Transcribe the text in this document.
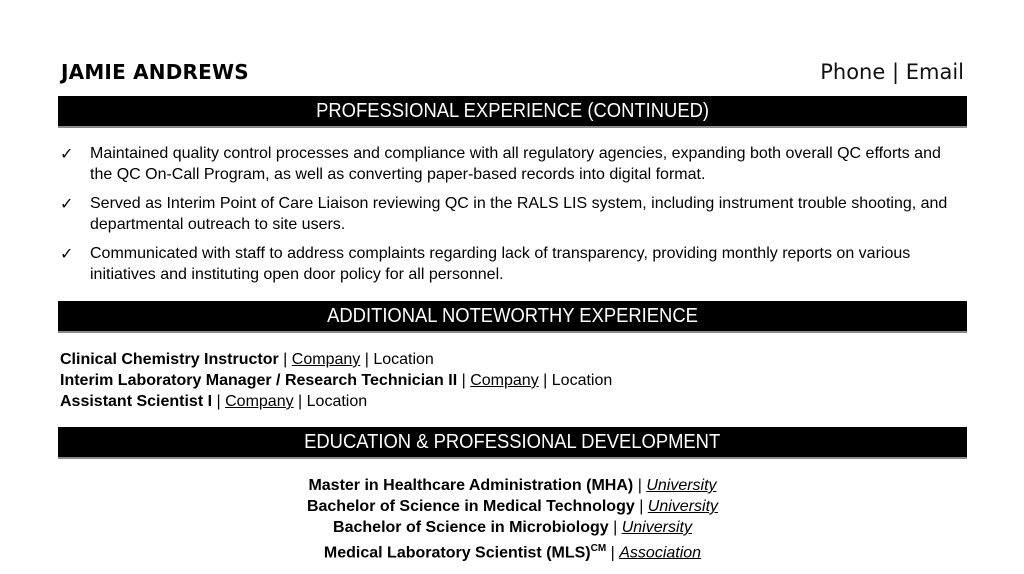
JAMIE ANDREWS	Phone | Email
PROFESSIONAL EXPERIENCE (CONTINUED)
✓ Maintained quality control processes and compliance with all regulatory agencies, expanding both overall QC efforts and the QC On-Call Program, as well as converting paper-based records into digital format.
✓ Served as Interim Point of Care Liaison reviewing QC in the RALS LIS system, including instrument trouble shooting, and departmental outreach to site users.
✓ Communicated with staff to address complaints regarding lack of transparency, providing monthly reports on various initiatives and instituting open door policy for all personnel.
ADDITIONAL NOTEWORTHY EXPERIENCE
Clinical Chemistry Instructor | Company | Location
Interim Laboratory Manager / Research Technician II | Company | Location
Assistant Scientist I | Company | Location
EDUCATION & PROFESSIONAL DEVELOPMENT
Master in Healthcare Administration (MHA) | University
Bachelor of Science in Medical Technology | University
Bachelor of Science in Microbiology | University
Medical Laboratory Scientist (MLS)$^{CM}$ | Association
